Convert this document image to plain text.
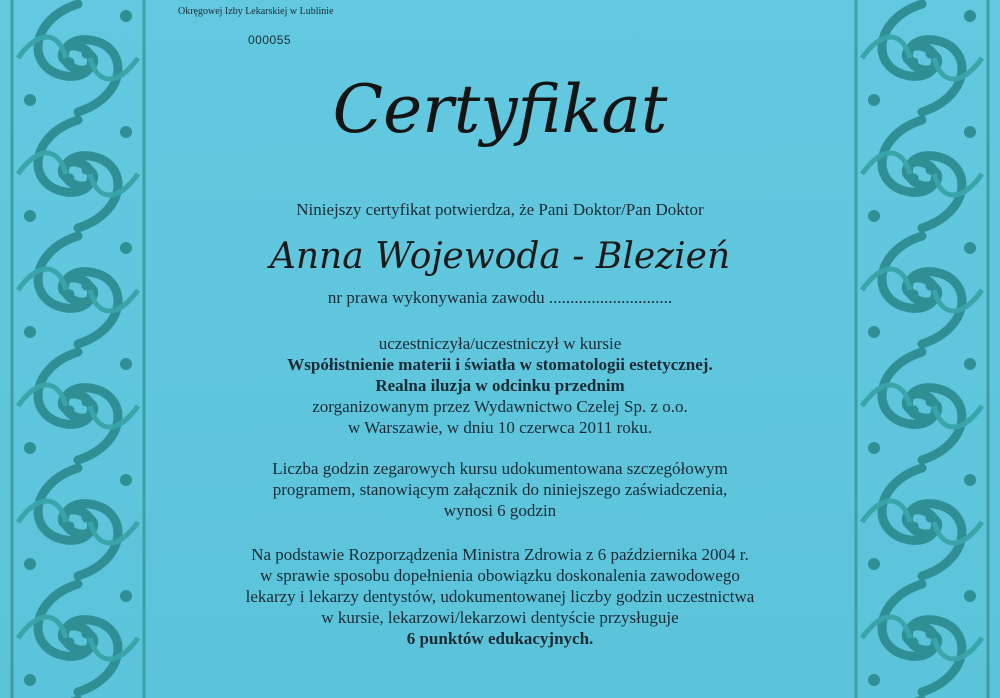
Okręgowej Izby Lekarskiej w Lublinie
000055
Certyfikat
Niniejszy certyfikat potwierdza, że Pani Doktor/Pan Doktor
Anna Wojewoda - Blezień
nr prawa wykonywania zawodu .............................
uczestniczyła/uczestniczył w kursie
Współistnienie materii i światła w stomatologii estetycznej.
Realna iluzja w odcinku przednim
zorganizowanym przez Wydawnictwo Czelej Sp. z o.o.
w Warszawie, w dniu 10 czerwca 2011 roku.
Liczba godzin zegarowych kursu udokumentowana szczegółowym
programem, stanowiącym załącznik do niniejszego zaświadczenia,
wynosi 6 godzin
Na podstawie Rozporządzenia Ministra Zdrowia z 6 października 2004 r.
w sprawie sposobu dopełnienia obowiązku doskonalenia zawodowego
lekarzy i lekarzy dentystów, udokumentowanej liczby godzin uczestnictwa
w kursie, lekarzowi/lekarzowi dentyście przysługuje
6 punktów edukacyjnych.
